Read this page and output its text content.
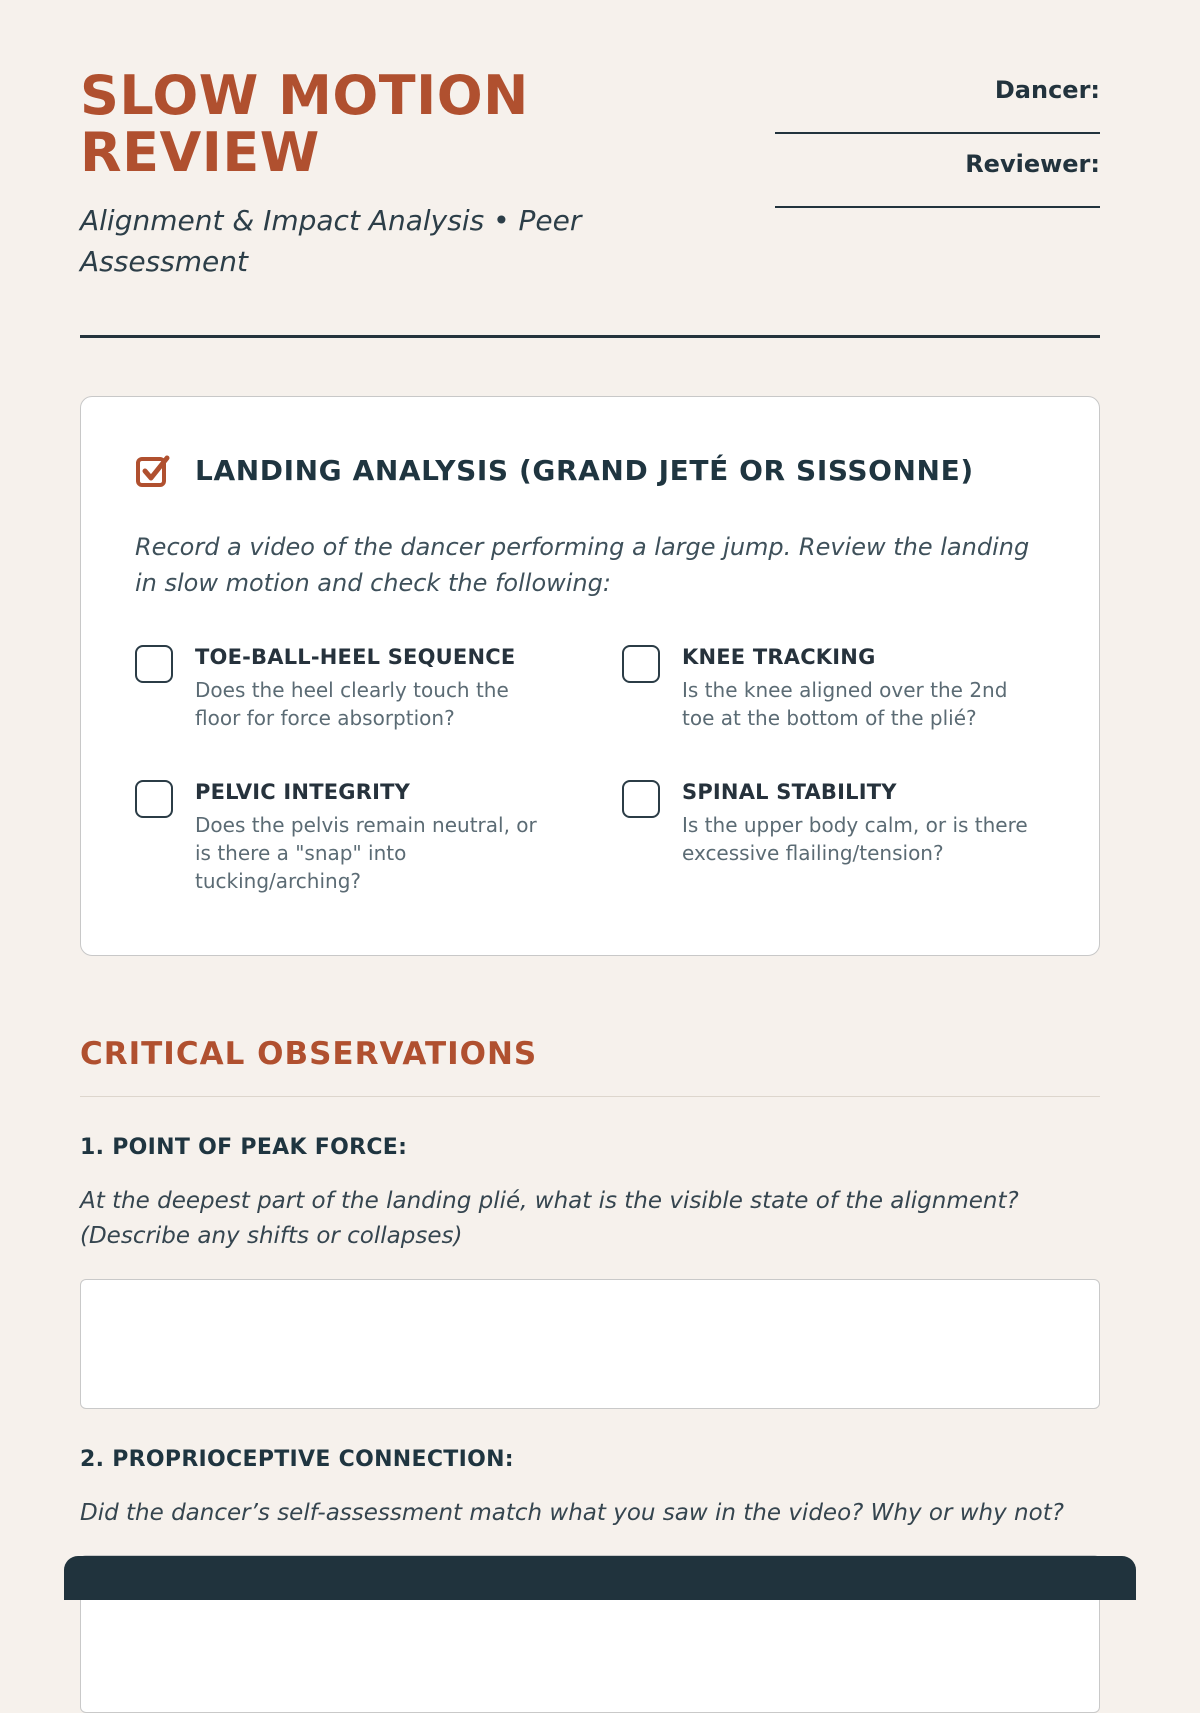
SLOW MOTION REVIEW
Alignment & Impact Analysis • Peer Assessment
Dancer:
Reviewer:
LANDING ANALYSIS (GRAND JETÉ OR SISSONNE)

Record a video of the dancer performing a large jump. Review the landing in slow motion and check the following:

TOE-BALL-HEEL SEQUENCE
Does the heel clearly touch the floor for force absorption?
KNEE TRACKING
Is the knee aligned over the 2nd toe at the bottom of the plié?
PELVIC INTEGRITY
Does the pelvis remain neutral, or is there a "snap" into tucking/arching?
SPINAL STABILITY
Is the upper body calm, or is there excessive flailing/tension?
CRITICAL OBSERVATIONS
1. POINT OF PEAK FORCE:
At the deepest part of the landing plié, what is the visible state of the alignment? (Describe any shifts or collapses)
2. PROPRIOCEPTIVE CONNECTION:
Did the dancer’s self-assessment match what you saw in the video? Why or why not?
